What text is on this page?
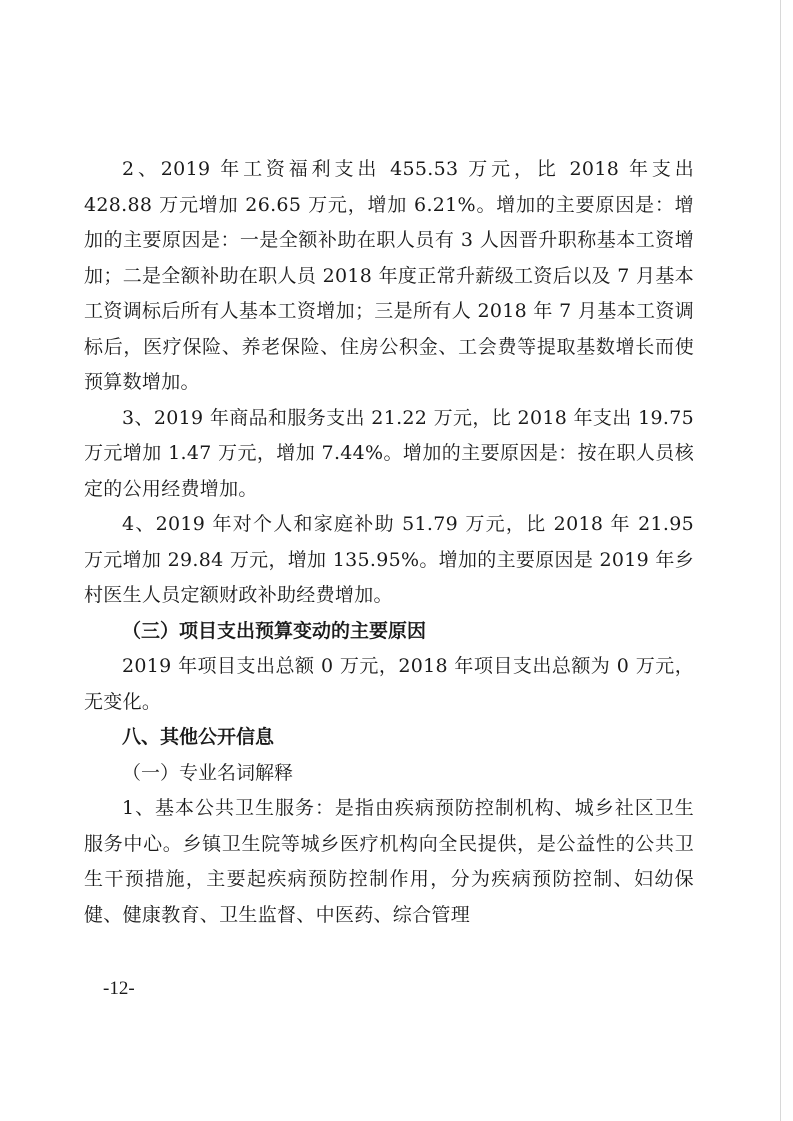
2、2019 年工资福利支出 455.53 万元，比 2018 年支出 428.88 万元增加 26.65 万元，增加 6.21%。增加的主要原因是：增加的主要原因是：一是全额补助在职人员有 3 人因晋升职称基本工资增加；二是全额补助在职人员 2018 年度正常升薪级工资后以及 7 月基本工资调标后所有人基本工资增加；三是所有人 2018 年 7 月基本工资调标后，医疗保险、养老保险、住房公积金、工会费等提取基数增长而使预算数增加。

3、2019 年商品和服务支出 21.22 万元，比 2018 年支出 19.75 万元增加 1.47 万元，增加 7.44%。增加的主要原因是：按在职人员核定的公用经费增加。

4、2019 年对个人和家庭补助 51.79 万元，比 2018 年 21.95 万元增加 29.84 万元，增加 135.95%。增加的主要原因是 2019 年乡村医生人员定额财政补助经费增加。

（三）项目支出预算变动的主要原因

2019 年项目支出总额 0 万元，2018 年项目支出总额为 0 万元，无变化。

八、其他公开信息

（一）专业名词解释

1、基本公共卫生服务：是指由疾病预防控制机构、城乡社区卫生服务中心。乡镇卫生院等城乡医疗机构向全民提供，是公益性的公共卫生干预措施，主要起疾病预防控制作用，分为疾病预防控制、妇幼保健、健康教育、卫生监督、中医药、综合管理

-12-
